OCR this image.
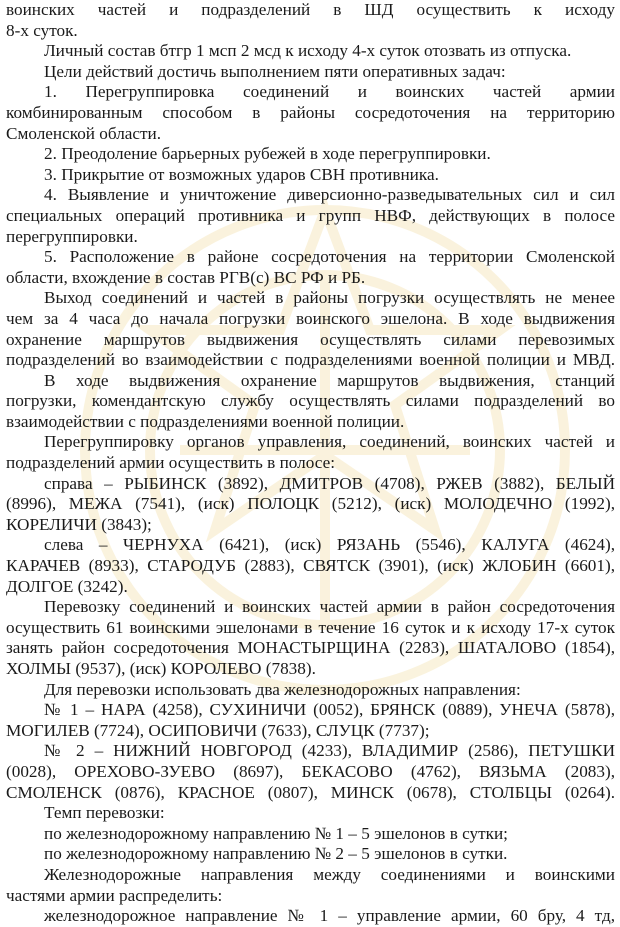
воинских частей и подразделений в ШД осуществить к исходу
8-х суток.
Личный состав бтгр 1 мсп 2 мсд к исходу 4-х суток отозвать из отпуска.
Цели действий достичь выполнением пяти оперативных задач:
1. Перегруппировка соединений и воинских частей армии
комбинированным способом в районы сосредоточения на территорию
Смоленской области.
2. Преодоление барьерных рубежей в ходе перегруппировки.
3. Прикрытие от возможных ударов СВН противника.
4. Выявление и уничтожение диверсионно-разведывательных сил и сил
специальных операций противника и групп НВФ, действующих в полосе
перегруппировки.
5. Расположение в районе сосредоточения на территории Смоленской
области, вхождение в состав РГВ(с) ВС РФ и РБ.
Выход соединений и частей в районы погрузки осуществлять не менее
чем за 4 часа до начала погрузки воинского эшелона. В ходе выдвижения
охранение маршрутов выдвижения осуществлять силами перевозимых
подразделений во взаимодействии с подразделениями военной полиции и МВД.
В ходе выдвижения охранение маршрутов выдвижения, станций
погрузки, комендантскую службу осуществлять силами подразделений во
взаимодействии с подразделениями военной полиции.
Перегруппировку органов управления, соединений, воинских частей и
подразделений армии осуществить в полосе:
справа – РЫБИНСК (3892), ДМИТРОВ (4708), РЖЕВ (3882), БЕЛЫЙ
(8996), МЕЖА (7541), (иск) ПОЛОЦК (5212), (иск) МОЛОДЕЧНО (1992),
КОРЕЛИЧИ (3843);
слева – ЧЕРНУХА (6421), (иск) РЯЗАНЬ (5546), КАЛУГА (4624),
КАРАЧЕВ (8933), СТАРОДУБ (2883), СВЯТСК (3901), (иск) ЖЛОБИН (6601),
ДОЛГОЕ (3242).
Перевозку соединений и воинских частей армии в район сосредоточения
осуществить 61 воинскими эшелонами в течение 16 суток и к исходу 17-х суток
занять район сосредоточения МОНАСТЫРЩИНА (2283), ШАТАЛОВО (1854),
ХОЛМЫ (9537), (иск) КОРОЛЕВО (7838).
Для перевозки использовать два железнодорожных направления:
№ 1 – НАРА (4258), СУХИНИЧИ (0052), БРЯНСК (0889), УНЕЧА (5878),
МОГИЛЕВ (7724), ОСИПОВИЧИ (7633), СЛУЦК (7737);
№ 2 – НИЖНИЙ НОВГОРОД (4233), ВЛАДИМИР (2586), ПЕТУШКИ
(0028), ОРЕХОВО-ЗУЕВО (8697), БЕКАСОВО (4762), ВЯЗЬМА (2083),
СМОЛЕНСК (0876), КРАСНОЕ (0807), МИНСК (0678), СТОЛБЦЫ (0264).
Темп перевозки:
по железнодорожному направлению № 1 – 5 эшелонов в сутки;
по железнодорожному направлению № 2 – 5 эшелонов в сутки.
Железнодорожные направления между соединениями и воинскими
частями армии распределить:
железнодорожное направление № 1 – управление армии, 60 бру, 4 тд,
